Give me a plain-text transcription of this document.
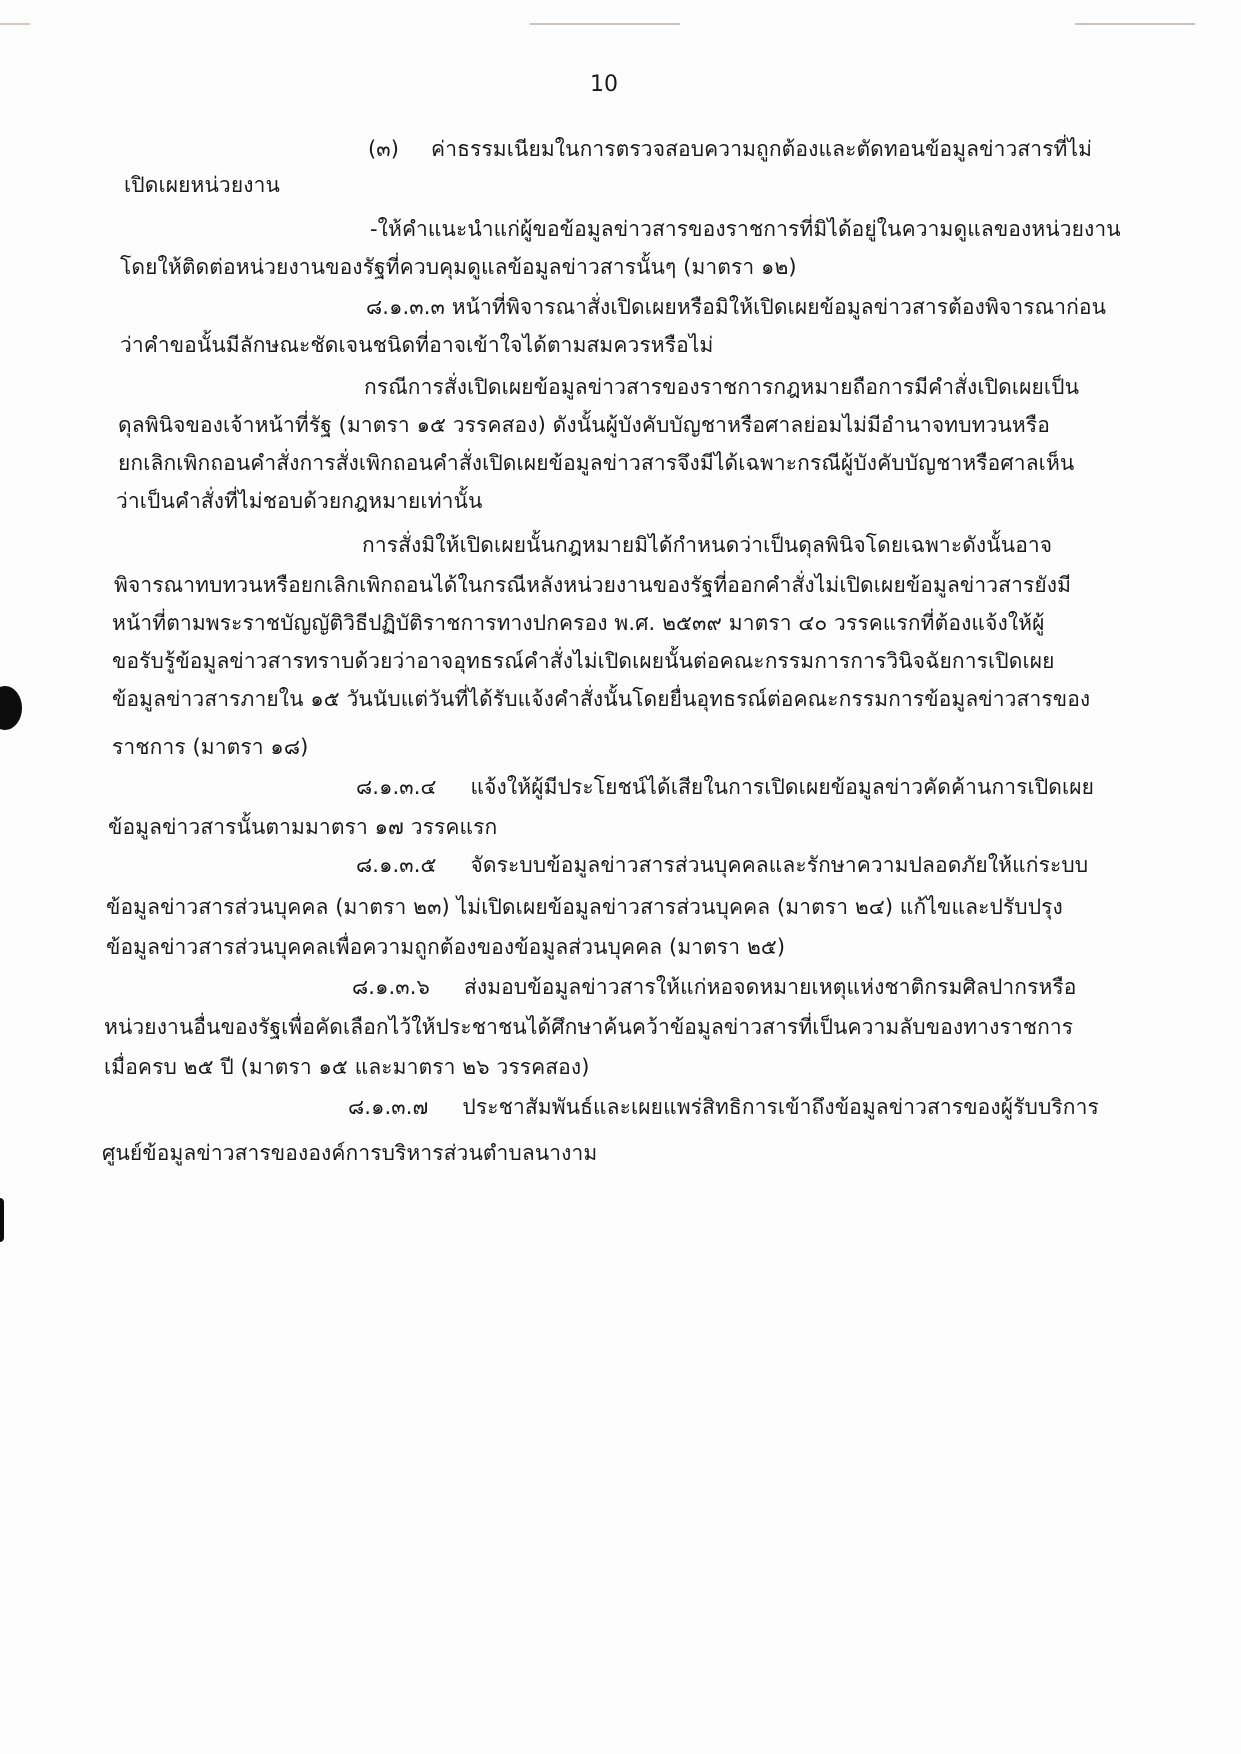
10
(๓) ค่าธรรมเนียมในการตรวจสอบความถูกต้องและตัดทอนข้อมูลข่าวสารที่ไม่
เปิดเผยหน่วยงาน
-ให้คำแนะนำแก่ผู้ขอข้อมูลข่าวสารของราชการที่มิได้อยู่ในความดูแลของหน่วยงาน
โดยให้ติดต่อหน่วยงานของรัฐที่ควบคุมดูแลข้อมูลข่าวสารนั้นๆ (มาตรา ๑๒)
๘.๑.๓.๓ หน้าที่พิจารณาสั่งเปิดเผยหรือมิให้เปิดเผยข้อมูลข่าวสารต้องพิจารณาก่อน
ว่าคำขอนั้นมีลักษณะชัดเจนชนิดที่อาจเข้าใจได้ตามสมควรหรือไม่
กรณีการสั่งเปิดเผยข้อมูลข่าวสารของราชการกฎหมายถือการมีคำสั่งเปิดเผยเป็น
ดุลพินิจของเจ้าหน้าที่รัฐ (มาตรา ๑๕ วรรคสอง) ดังนั้นผู้บังคับบัญชาหรือศาลย่อมไม่มีอำนาจทบทวนหรือ
ยกเลิกเพิกถอนคำสั่งการสั่งเพิกถอนคำสั่งเปิดเผยข้อมูลข่าวสารจึงมีได้เฉพาะกรณีผู้บังคับบัญชาหรือศาลเห็น
ว่าเป็นคำสั่งที่ไม่ชอบด้วยกฎหมายเท่านั้น
การสั่งมิให้เปิดเผยนั้นกฎหมายมิได้กำหนดว่าเป็นดุลพินิจโดยเฉพาะดังนั้นอาจ
พิจารณาทบทวนหรือยกเลิกเพิกถอนได้ในกรณีหลังหน่วยงานของรัฐที่ออกคำสั่งไม่เปิดเผยข้อมูลข่าวสารยังมี
หน้าที่ตามพระราชบัญญัติวิธีปฏิบัติราชการทางปกครอง พ.ศ. ๒๕๓๙ มาตรา ๔๐ วรรคแรกที่ต้องแจ้งให้ผู้
ขอรับรู้ข้อมูลข่าวสารทราบด้วยว่าอาจอุทธรณ์คำสั่งไม่เปิดเผยนั้นต่อคณะกรรมการการวินิจฉัยการเปิดเผย
ข้อมูลข่าวสารภายใน ๑๕ วันนับแต่วันที่ได้รับแจ้งคำสั่งนั้นโดยยื่นอุทธรณ์ต่อคณะกรรมการข้อมูลข่าวสารของ
ราชการ (มาตรา ๑๘)
๘.๑.๓.๔ แจ้งให้ผู้มีประโยชน์ได้เสียในการเปิดเผยข้อมูลข่าวคัดค้านการเปิดเผย
ข้อมูลข่าวสารนั้นตามมาตรา ๑๗ วรรคแรก
๘.๑.๓.๕ จัดระบบข้อมูลข่าวสารส่วนบุคคลและรักษาความปลอดภัยให้แก่ระบบ
ข้อมูลข่าวสารส่วนบุคคล (มาตรา ๒๓) ไม่เปิดเผยข้อมูลข่าวสารส่วนบุคคล (มาตรา ๒๔) แก้ไขและปรับปรุง
ข้อมูลข่าวสารส่วนบุคคลเพื่อความถูกต้องของข้อมูลส่วนบุคคล (มาตรา ๒๕)
๘.๑.๓.๖ ส่งมอบข้อมูลข่าวสารให้แก่หอจดหมายเหตุแห่งชาติกรมศิลปากรหรือ
หน่วยงานอื่นของรัฐเพื่อคัดเลือกไว้ให้ประชาชนได้ศึกษาค้นคว้าข้อมูลข่าวสารที่เป็นความลับของทางราชการ
เมื่อครบ ๒๕ ปี (มาตรา ๑๕ และมาตรา ๒๖ วรรคสอง)
๘.๑.๓.๗ ประชาสัมพันธ์และเผยแพร่สิทธิการเข้าถึงข้อมูลข่าวสารของผู้รับบริการ
ศูนย์ข้อมูลข่าวสารขององค์การบริหารส่วนตำบลนางาม
